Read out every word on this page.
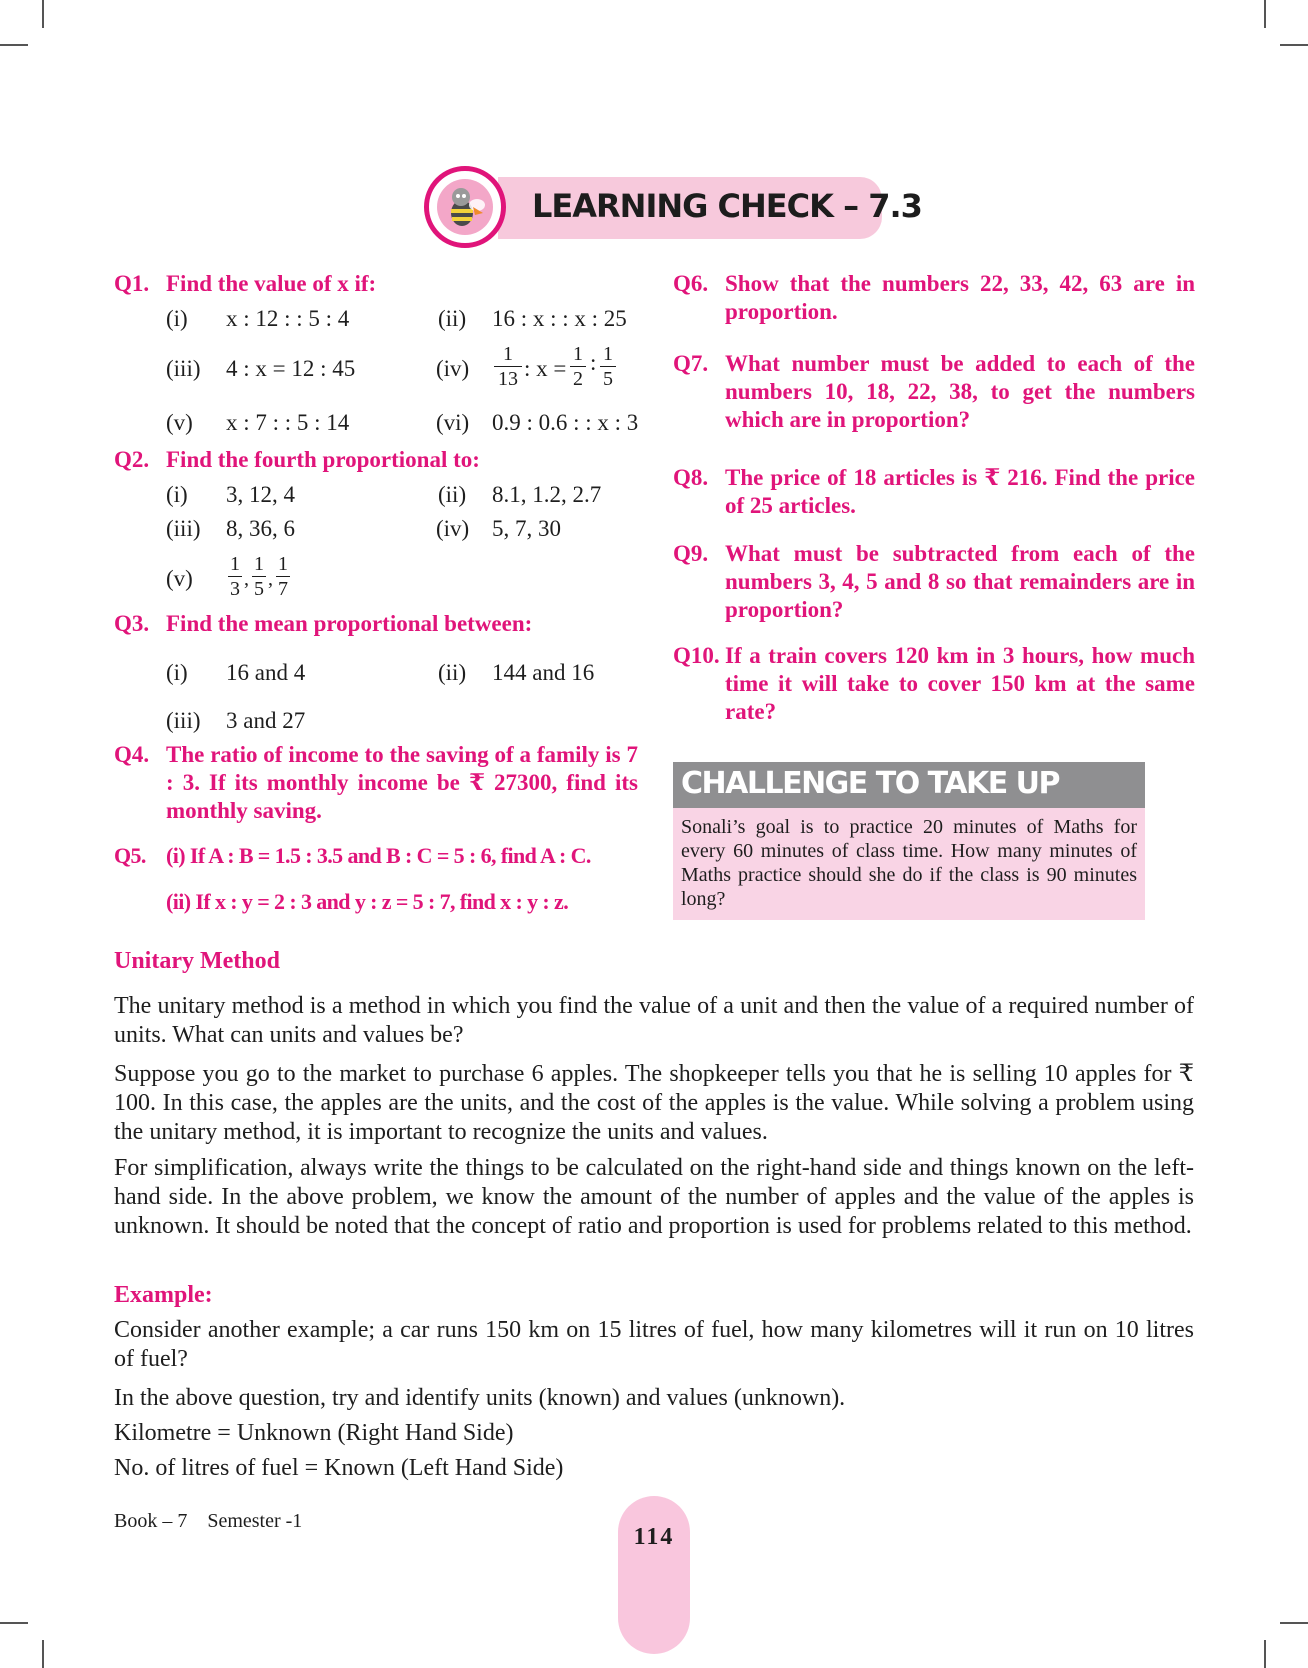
LEARNING CHECK – 7.3
Q1. Find the value of x if:
(i) x : 12 : : 5 : 4	(ii) 16 : x : : x : 25
(iii) 4 : x = 12 : 45	$(iv) \frac{1}{13}$ : $x = \frac{1}{2}$ : $\frac{1}{5}$
(v) x : 7 : : 5 : 14	(vi) 0.9 : 0.6 : : x : 3
Q2. Find the fourth proportional to:
(i) 3, 12, 4	(ii) 8.1, 1.2, 2.7
(iii) 8, 36, 6	(iv) 5, 7, 30
$(v) \frac{1}{3}$ , $\frac{1}{5}$ , $\frac{1}{7}$
Q3. Find the mean proportional between:
(i) 16 and 4	(ii) 144 and 16
(iii) 3 and 27
Q4. The ratio of income to the saving of a family is 7 : 3. If its monthly income be ₹ 27300, find its monthly saving.
Q5. (i) If A : B = 1.5 : 3.5 and B : C = 5 : 6, find A : C.
(ii) If x : y = 2 : 3 and y : z = 5 : 7, find x : y : z.
Q6. Show that the numbers 22, 33, 42, 63 are in proportion.
Q7. What number must be added to each of the numbers 10, 18, 22, 38, to get the numbers which are in proportion?
Q8. The price of 18 articles is ₹ 216. Find the price of 25 articles.
Q9. What must be subtracted from each of the numbers 3, 4, 5 and 8 so that remainders are in proportion?
Q10. If a train covers 120 km in 3 hours, how much time it will take to cover 150 km at the same rate?
CHALLENGE TO TAKE UP
Sonali’s goal is to practice 20 minutes of Maths for every 60 minutes of class time. How many minutes of Maths practice should she do if the class is 90 minutes long?
Unitary Method
The unitary method is a method in which you find the value of a unit and then the value of a required number of units. What can units and values be?
Suppose you go to the market to purchase 6 apples. The shopkeeper tells you that he is selling 10 apples for ₹ 100. In this case, the apples are the units, and the cost of the apples is the value. While solving a problem using the unitary method, it is important to recognize the units and values.
For simplification, always write the things to be calculated on the right-hand side and things known on the left-hand side. In the above problem, we know the amount of the number of apples and the value of the apples is unknown. It should be noted that the concept of ratio and proportion is used for problems related to this method.
Example:
Consider another example; a car runs 150 km on 15 litres of fuel, how many kilometres will it run on 10 litres of fuel?
In the above question, try and identify units (known) and values (unknown).
Kilometre = Unknown (Right Hand Side)
No. of litres of fuel = Known (Left Hand Side)
Book – 7    Semester -1
114
